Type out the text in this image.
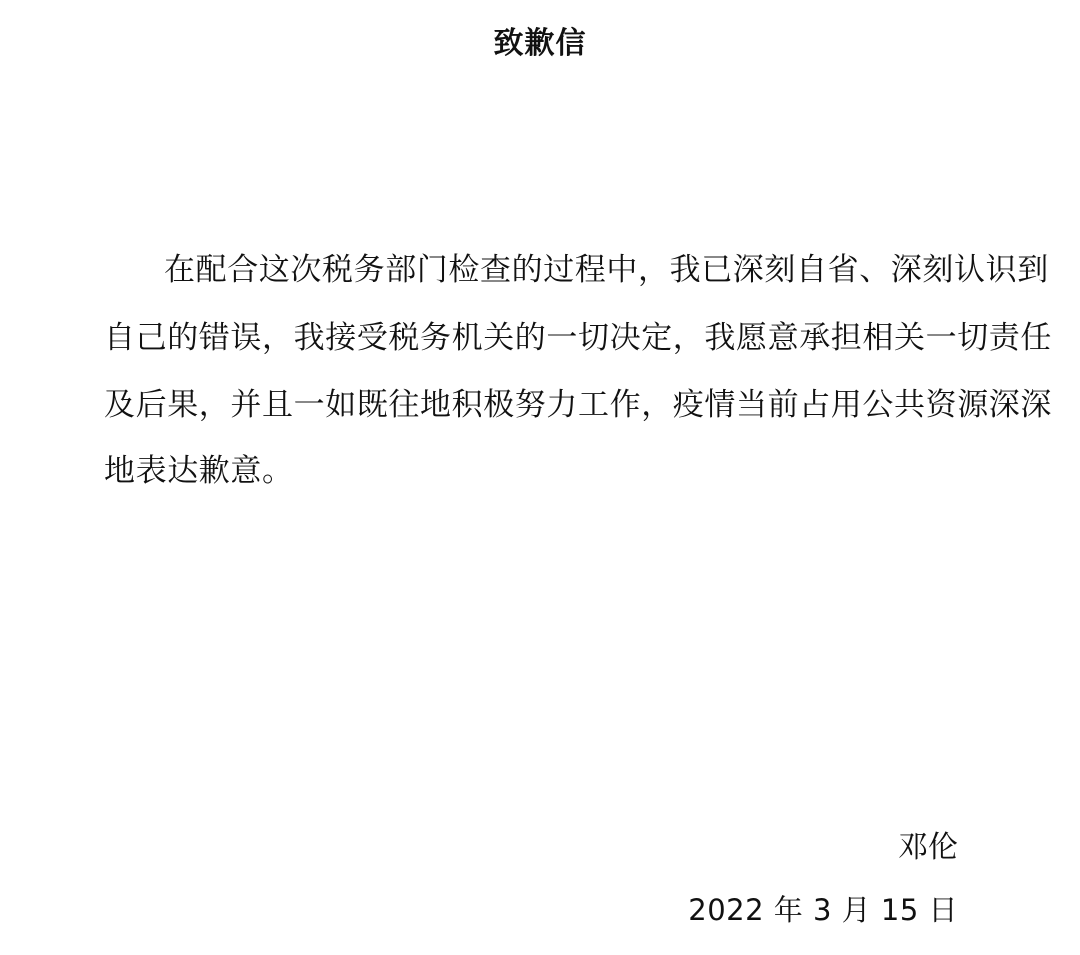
致歉信
在配合这次税务部门检查的过程中，我已深刻自省、深刻认识到
自己的错误，我接受税务机关的一切决定，我愿意承担相关一切责任
及后果，并且一如既往地积极努力工作，疫情当前占用公共资源深深
地表达歉意。
邓伦
2022 年 3 月 15 日
